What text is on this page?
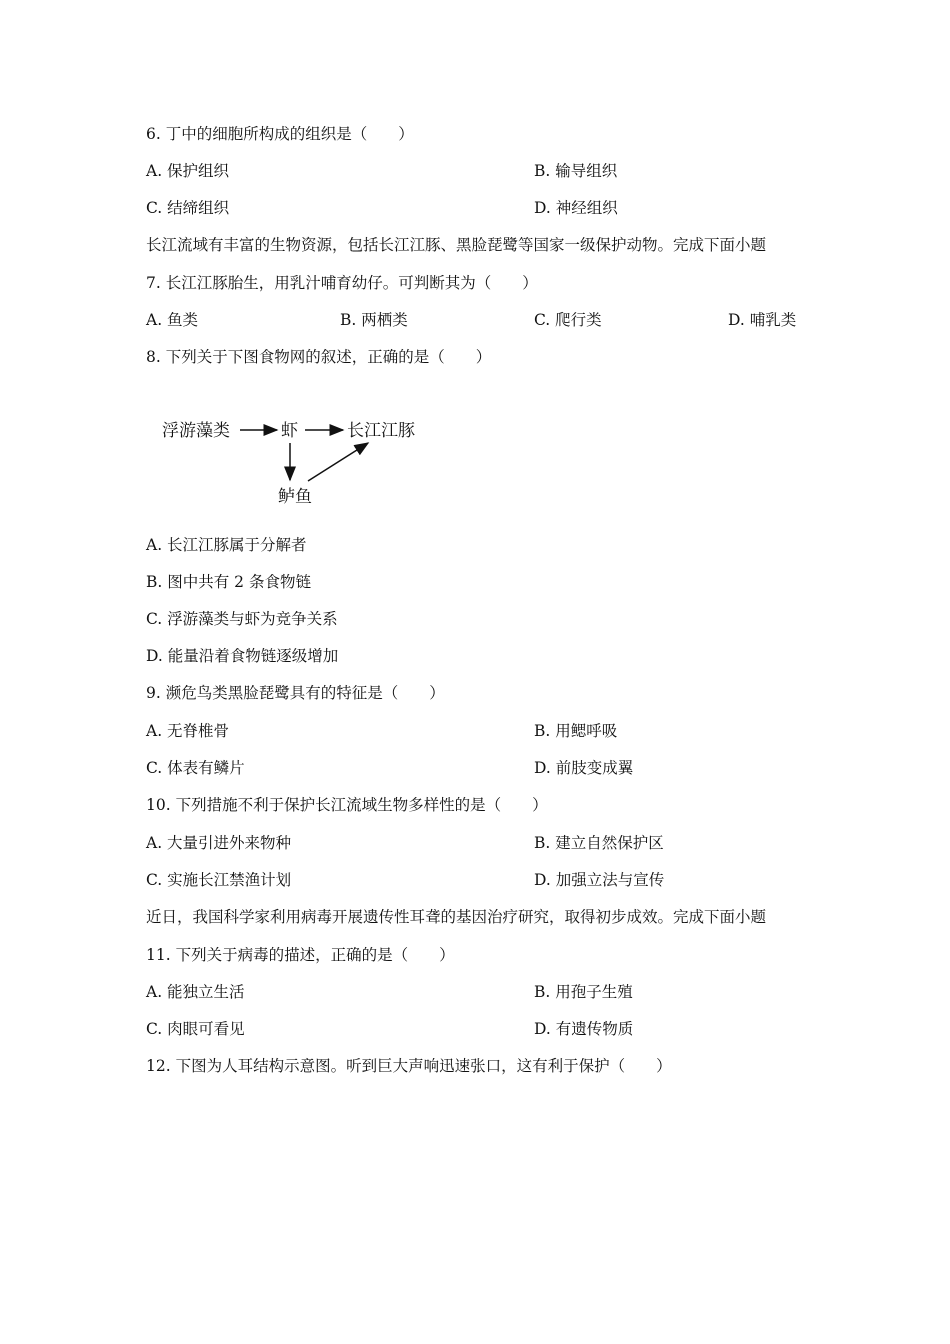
6. 丁中的细胞所构成的组织是（　　）
A. 保护组织	B. 输导组织
C. 结缔组织	D. 神经组织
长江流域有丰富的生物资源，包括长江江豚、黑脸琵鹭等国家一级保护动物。完成下面小题
7. 长江江豚胎生，用乳汁哺育幼仔。可判断其为（　　）
A. 鱼类	B. 两栖类	C. 爬行类	D. 哺乳类
8. 下列关于下图食物网的叙述，正确的是（　　）
浮游藻类	虾	长江江豚
鲈鱼
A. 长江江豚属于分解者
B. 图中共有 2 条食物链
C. 浮游藻类与虾为竞争关系
D. 能量沿着食物链逐级增加
9. 濒危鸟类黑脸琵鹭具有的特征是（　　）
A. 无脊椎骨	B. 用鳃呼吸
C. 体表有鳞片	D. 前肢变成翼
10. 下列措施不利于保护长江流域生物多样性的是（　　）
A. 大量引进外来物种	B. 建立自然保护区
C. 实施长江禁渔计划	D. 加强立法与宣传
近日，我国科学家利用病毒开展遗传性耳聋的基因治疗研究，取得初步成效。完成下面小题
11. 下列关于病毒的描述，正确的是（　　）
A. 能独立生活	B. 用孢子生殖
C. 肉眼可看见	D. 有遗传物质
12. 下图为人耳结构示意图。听到巨大声响迅速张口，这有利于保护（　　）
